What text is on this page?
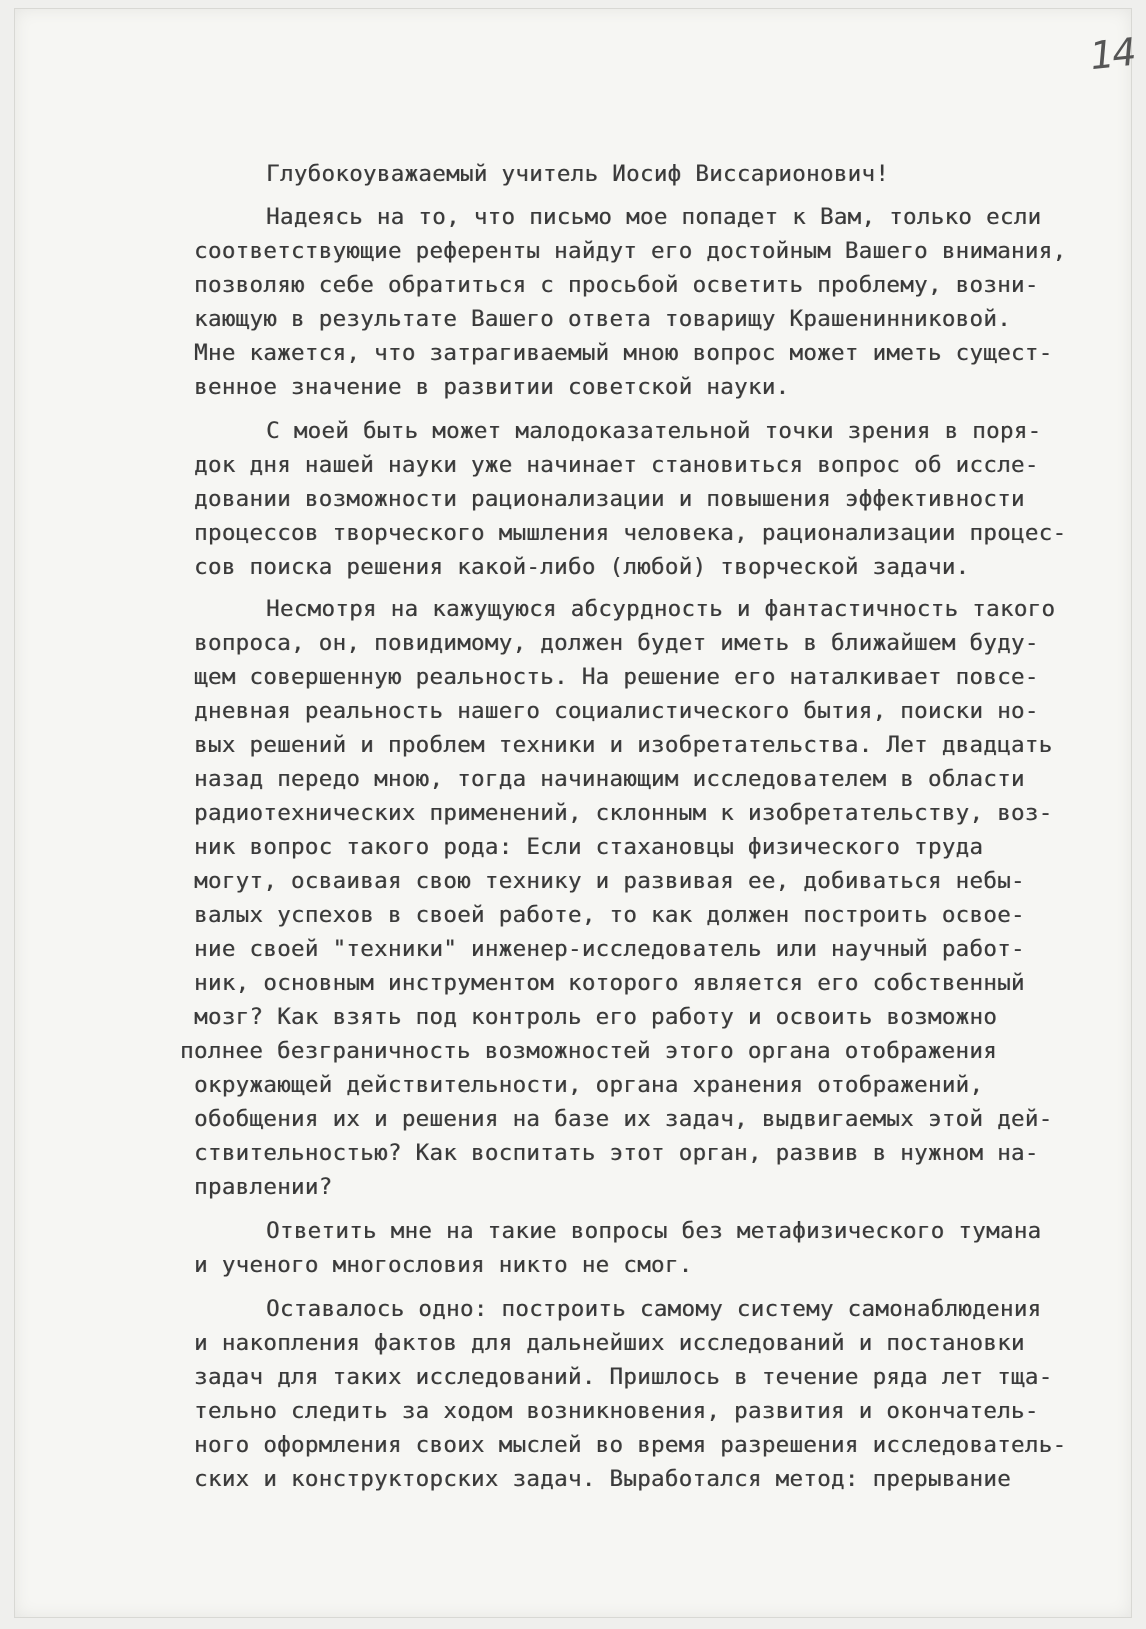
14
Глубокоуважаемый учитель Иосиф Виссарионович!
Надеясь на то, что письмо мое попадет к Вам, только если
соответствующие референты найдут его достойным Вашего внимания,
позволяю себе обратиться с просьбой осветить проблему, возни-
кающую в результате Вашего ответа товарищу Крашенинниковой.
Мне кажется, что затрагиваемый мною вопрос может иметь сущест-
венное значение в развитии советской науки.
С моей быть может малодоказательной точки зрения в поря-
док дня нашей науки уже начинает становиться вопрос об иссле-
довании возможности рационализации и повышения эффективности
процессов творческого мышления человека, рационализации процес-
сов поиска решения какой-либо (любой) творческой задачи.
Несмотря на кажущуюся абсурдность и фантастичность такого
вопроса, он, повидимому, должен будет иметь в ближайшем буду-
щем совершенную реальность. На решение его наталкивает повсе-
дневная реальность нашего социалистического бытия, поиски но-
вых решений и проблем техники и изобретательства. Лет двадцать
назад передо мною, тогда начинающим исследователем в области
радиотехнических применений, склонным к изобретательству, воз-
ник вопрос такого рода: Если стахановцы физического труда
могут, осваивая свою технику и развивая ее, добиваться небы-
валых успехов в своей работе, то как должен построить освое-
ние своей "техники" инженер-исследователь или научный работ-
ник, основным инструментом которого является его собственный
мозг? Как взять под контроль его работу и освоить возможно
полнее безграничность возможностей этого органа отображения
окружающей действительности, органа хранения отображений,
обобщения их и решения на базе их задач, выдвигаемых этой дей-
ствительностью? Как воспитать этот орган, развив в нужном на-
правлении?
Ответить мне на такие вопросы без метафизического тумана
и ученого многословия никто не смог.
Оставалось одно: построить самому систему самонаблюдения
и накопления фактов для дальнейших исследований и постановки
задач для таких исследований. Пришлось в течение ряда лет тща-
тельно следить за ходом возникновения, развития и окончатель-
ного оформления своих мыслей во время разрешения исследователь-
ских и конструкторских задач. Выработался метод: прерывание
